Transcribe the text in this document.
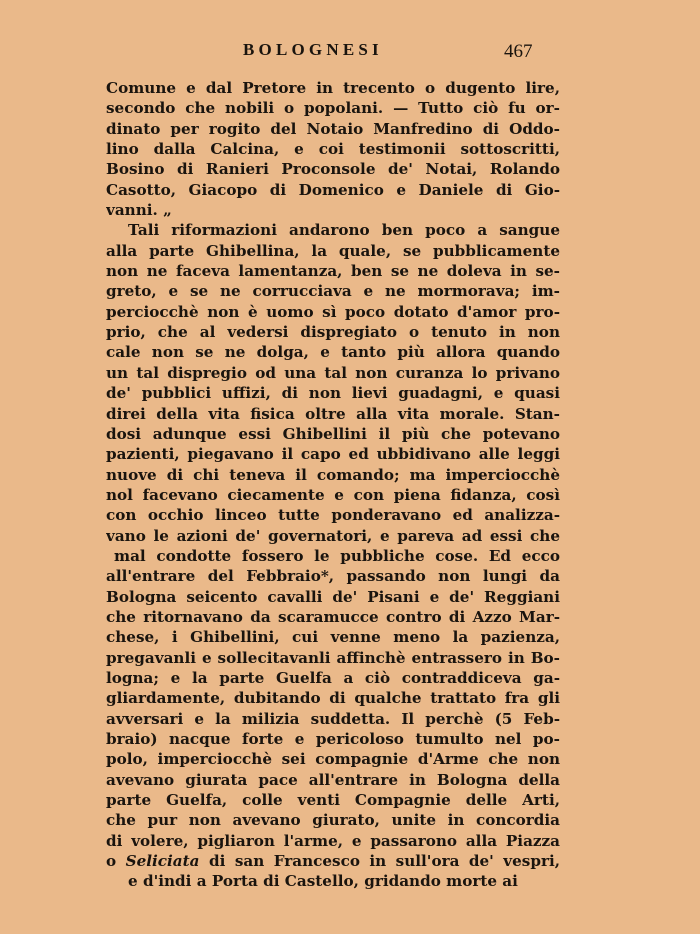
BOLOGNESI	467
Comune e dal Pretore in trecento o dugento lire,
secondo che nobili o popolani. — Tutto ciò fu or-
dinato per rogito del Notaio Manfredino di Oddo-
lino dalla Calcina, e coi testimonii sottoscritti,
Bosino di Ranieri Proconsole de' Notai, Rolando
Casotto, Giacopo di Domenico e Daniele di Gio-
vanni. „
Tali riformazioni andarono ben poco a sangue
alla parte Ghibellina, la quale, se pubblicamente
non ne faceva lamentanza, ben se ne doleva in se-
greto, e se ne corrucciava e ne mormorava; im-
perciocchè non è uomo sì poco dotato d'amor pro-
prio, che al vedersi dispregiato o tenuto in non
cale non se ne dolga, e tanto più allora quando
un tal dispregio od una tal non curanza lo privano
de' pubblici uffizi, di non lievi guadagni, e quasi
direi della vita fisica oltre alla vita morale. Stan-
dosi adunque essi Ghibellini il più che potevano
pazienti, piegavano il capo ed ubbidivano alle leggi
nuove di chi teneva il comando; ma imperciocchè
nol facevano ciecamente e con piena fidanza, così
con occhio linceo tutte ponderavano ed analizza-
vano le azioni de' governatori, e pareva ad essi che
mal condotte fossero le pubbliche cose. Ed ecco
all'entrare del Febbraio*, passando non lungi da
Bologna seicento cavalli de' Pisani e de' Reggiani
che ritornavano da scaramucce contro di Azzo Mar-
chese, i Ghibellini, cui venne meno la pazienza,
pregavanli e sollecitavanli affinchè entrassero in Bo-
logna; e la parte Guelfa a ciò contraddiceva ga-
gliardamente, dubitando di qualche trattato fra gli
avversari e la milizia suddetta. Il perchè (5 Feb-
braio) nacque forte e pericoloso tumulto nel po-
polo, imperciocchè sei compagnie d'Arme che non
avevano giurata pace all'entrare in Bologna della
parte Guelfa, colle venti Compagnie delle Arti,
che pur non avevano giurato, unite in concordia
di volere, pigliaron l'arme, e passarono alla Piazza
o Seliciata di san Francesco in sull'ora de' vespri,
e d'indi a Porta di Castello, gridando morte ai
